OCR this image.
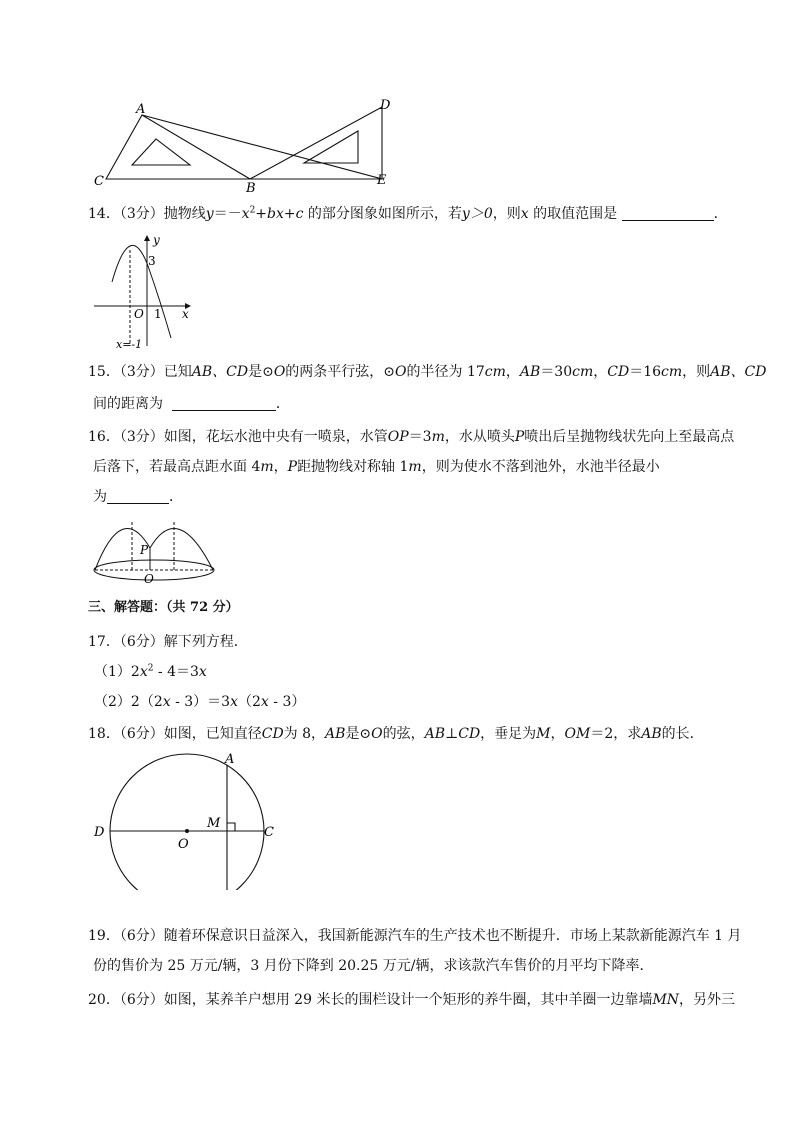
A
C	B
D
E
14．（3分）抛物线$y=-x^2+bx+c$ 的部分图象如图所示，若y＞0，则x 的取值范围是	．
y
x
3
O 1
x=-1
15．（3分）已知AB、CD是⊙O的两条平行弦，⊙O的半径为 17cm，AB＝30cm，CD＝16cm，则AB、CD
间的距离为	．
16．（3分）如图，花坛水池中央有一喷泉，水管OP＝3m，水从喷头P喷出后呈抛物线状先向上至最高点
后落下，若最高点距水面 4m，P距抛物线对称轴 1m，则为使水不落到池外，水池半径最小
为	．
P
O
三、解答题：（共 72 分）
17．（6分）解下列方程．
$(1)2x^2 - 4=3x$
（2）2（2x - 3）＝3x（2x - 3）
18．（6分）如图，已知直径CD为 8，AB是⊙O的弦，AB⊥CD，垂足为M，OM＝2，求AB的长．
A
D	C
M
O
19．（6分）随着环保意识日益深入，我国新能源汽车的生产技术也不断提升．市场上某款新能源汽车 1 月
份的售价为 25 万元/辆，3 月份下降到 20.25 万元/辆，求该款汽车售价的月平均下降率．
20．（6分）如图，某养羊户想用 29 米长的围栏设计一个矩形的养牛圈，其中羊圈一边靠墙MN，另外三
